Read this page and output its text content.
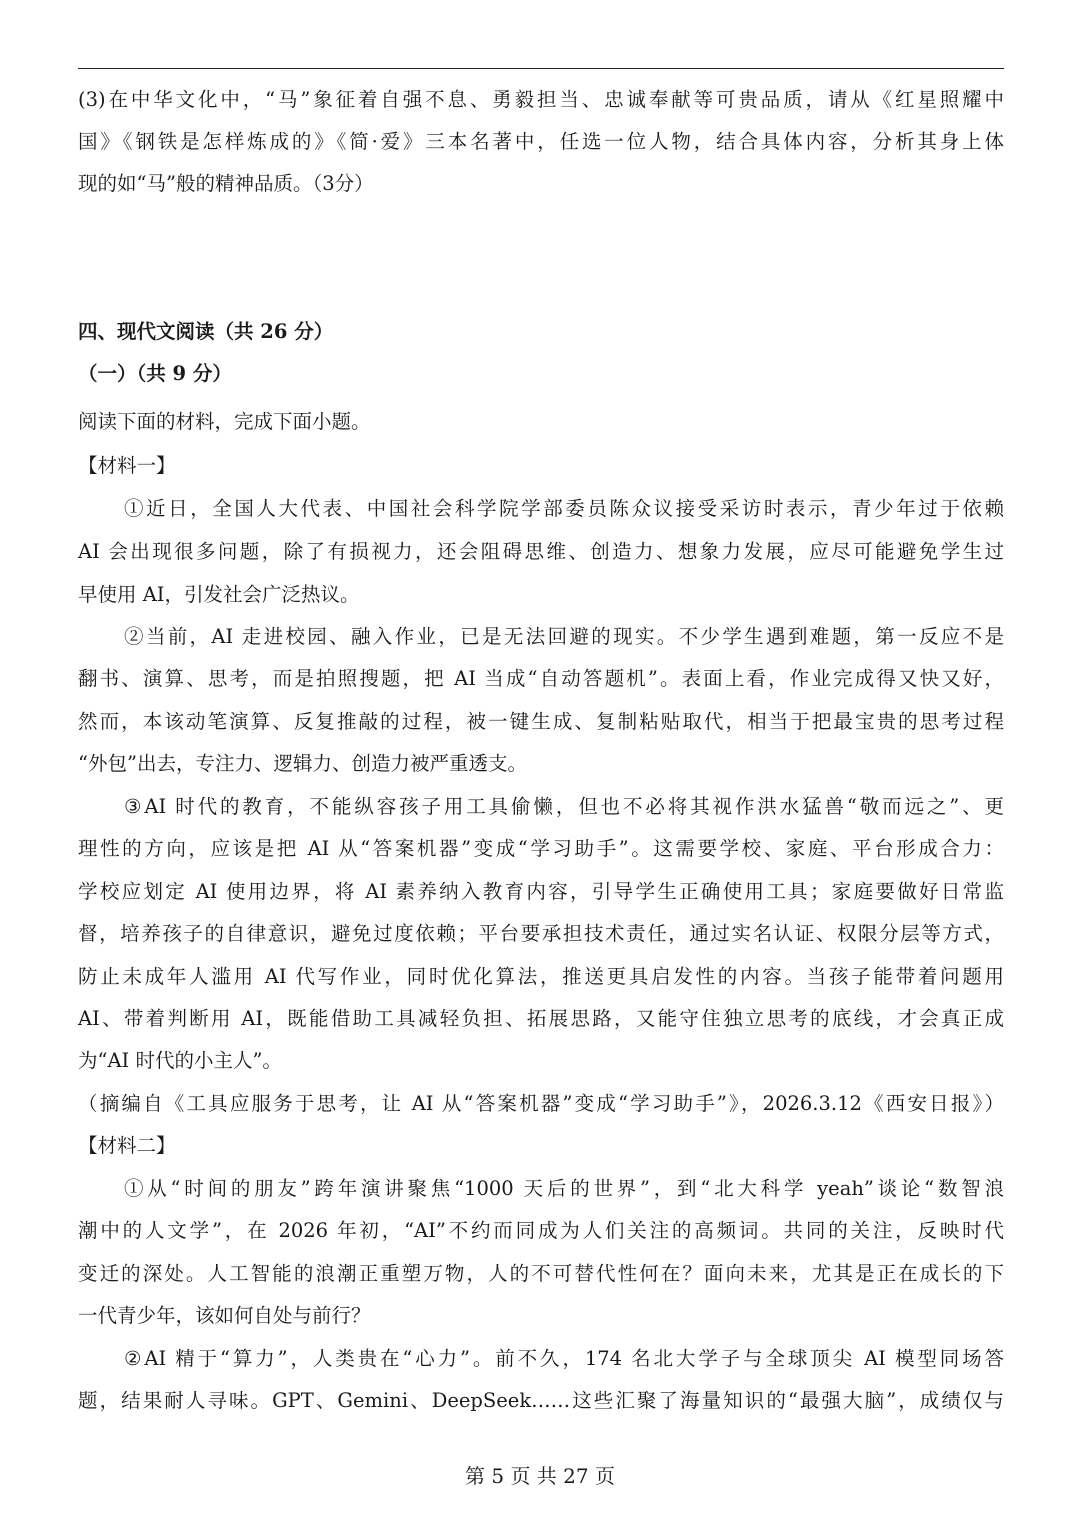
(3)在中华文化中，“马”象征着自强不息、勇毅担当、忠诚奉献等可贵品质，请从《红星照耀中
国》《钢铁是怎样炼成的》《简·爱》三本名著中，任选一位人物，结合具体内容，分析其身上体
现的如“马”般的精神品质。（3分）
四、现代文阅读（共 26 分）
（一）（共 9 分）
阅读下面的材料，完成下面小题。
【材料一】
①近日，全国人大代表、中国社会科学院学部委员陈众议接受采访时表示，青少年过于依赖
AI 会出现很多问题，除了有损视力，还会阻碍思维、创造力、想象力发展，应尽可能避免学生过
早使用 AI，引发社会广泛热议。
②当前，AI 走进校园、融入作业，已是无法回避的现实。不少学生遇到难题，第一反应不是
翻书、演算、思考，而是拍照搜题，把 AI 当成“自动答题机”。表面上看，作业完成得又快又好，
然而，本该动笔演算、反复推敲的过程，被一键生成、复制粘贴取代，相当于把最宝贵的思考过程
“外包”出去，专注力、逻辑力、创造力被严重透支。
③AI 时代的教育，不能纵容孩子用工具偷懒，但也不必将其视作洪水猛兽“敬而远之”、更
理性的方向，应该是把 AI 从“答案机器”变成“学习助手”。这需要学校、家庭、平台形成合力：
学校应划定 AI 使用边界，将 AI 素养纳入教育内容，引导学生正确使用工具；家庭要做好日常监
督，培养孩子的自律意识，避免过度依赖；平台要承担技术责任，通过实名认证、权限分层等方式，
防止未成年人滥用 AI 代写作业，同时优化算法，推送更具启发性的内容。当孩子能带着问题用
AI、带着判断用 AI，既能借助工具减轻负担、拓展思路，又能守住独立思考的底线，才会真正成
为“AI 时代的小主人”。
（摘编自《工具应服务于思考，让 AI 从“答案机器”变成“学习助手”》，2026.3.12《西安日报》）
【材料二】
①从“时间的朋友”跨年演讲聚焦“1000 天后的世界”，到“北大科学 yeah”谈论“数智浪
潮中的人文学”，在 2026 年初，“AI”不约而同成为人们关注的高频词。共同的关注，反映时代
变迁的深处。人工智能的浪潮正重塑万物，人的不可替代性何在？面向未来，尤其是正在成长的下
一代青少年，该如何自处与前行？
②AI 精于“算力”，人类贵在“心力”。前不久，174 名北大学子与全球顶尖 AI 模型同场答
题，结果耐人寻味。GPT、Gemini、DeepSeek……这些汇聚了海量知识的“最强大脑”，成绩仅与
第 5 页 共 27 页
